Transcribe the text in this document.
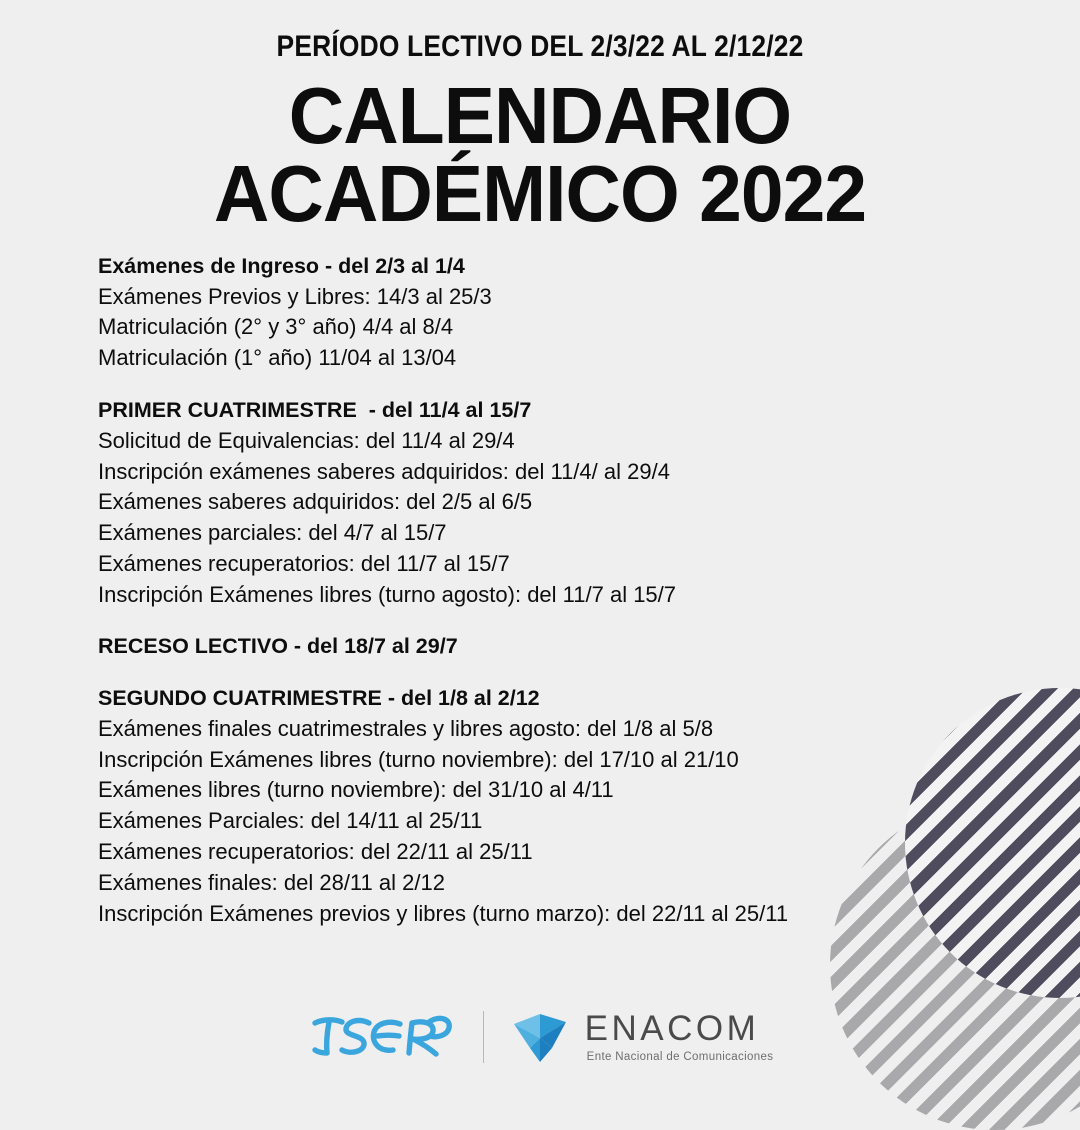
PERÍODO LECTIVO DEL 2/3/22 AL 2/12/22
CALENDARIO
ACADÉMICO 2022
Exámenes de Ingreso - del 2/3 al 1/4
Exámenes Previos y Libres: 14/3 al 25/3
Matriculación (2° y 3° año) 4/4 al 8/4
Matriculación (1° año) 11/04 al 13/04
PRIMER CUATRIMESTRE  - del 11/4 al 15/7
Solicitud de Equivalencias: del 11/4 al 29/4
Inscripción exámenes saberes adquiridos: del 11/4/ al 29/4
Exámenes saberes adquiridos: del 2/5 al 6/5
Exámenes parciales: del 4/7 al 15/7
Exámenes recuperatorios: del 11/7 al 15/7
Inscripción Exámenes libres (turno agosto): del 11/7 al 15/7
RECESO LECTIVO - del 18/7 al 29/7
SEGUNDO CUATRIMESTRE - del 1/8 al 2/12
Exámenes finales cuatrimestrales y libres agosto: del 1/8 al 5/8
Inscripción Exámenes libres (turno noviembre): del 17/10 al 21/10
Exámenes libres (turno noviembre): del 31/10 al 4/11
Exámenes Parciales: del 14/11 al 25/11
Exámenes recuperatorios: del 22/11 al 25/11
Exámenes finales: del 28/11 al 2/12
Inscripción Exámenes previos y libres (turno marzo): del 22/11 al 25/11
ENACOM
Ente Nacional de Comunicaciones
